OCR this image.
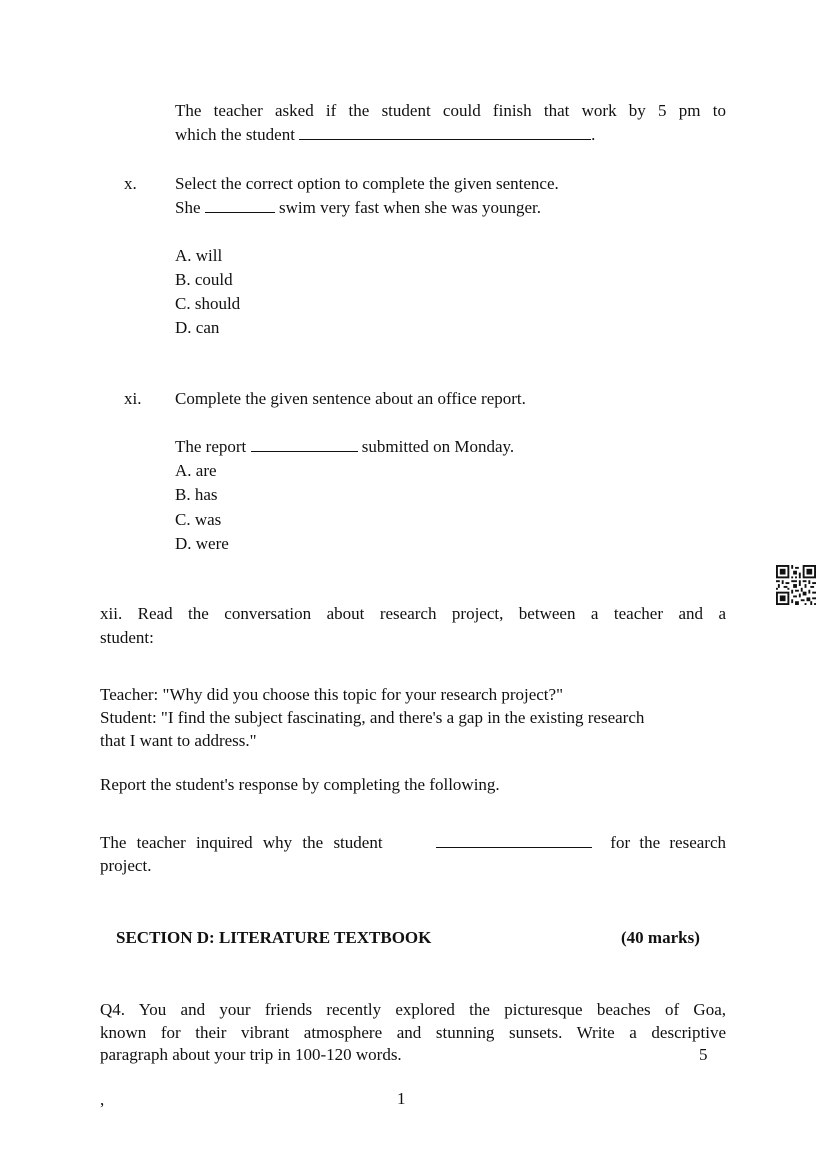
The teacher asked if the student could finish that work by 5 pm to
which the student	.
x. Select the correct option to complete the given sentence.
She	swim very fast when she was younger.
A. will
B. could
C. should
D. can
xi. Complete the given sentence about an office report.
The report	submitted on Monday.
A. are
B. has
C. was
D. were
xii. Read the conversation about research project, between a teacher and a
student:
Teacher: "Why did you choose this topic for your research project?"
Student: "I find the subject fascinating, and there's a gap in the existing research
that I want to address."
Report the student's response by completing the following.
The teacher inquired why the student	for the research
project.
SECTION D: LITERATURE TEXTBOOK	(40 marks)
Q4. You and your friends recently explored the picturesque beaches of Goa,
known for their vibrant atmosphere and stunning sunsets. Write a descriptive
paragraph about your trip in 100-120 words.	5
,	1
